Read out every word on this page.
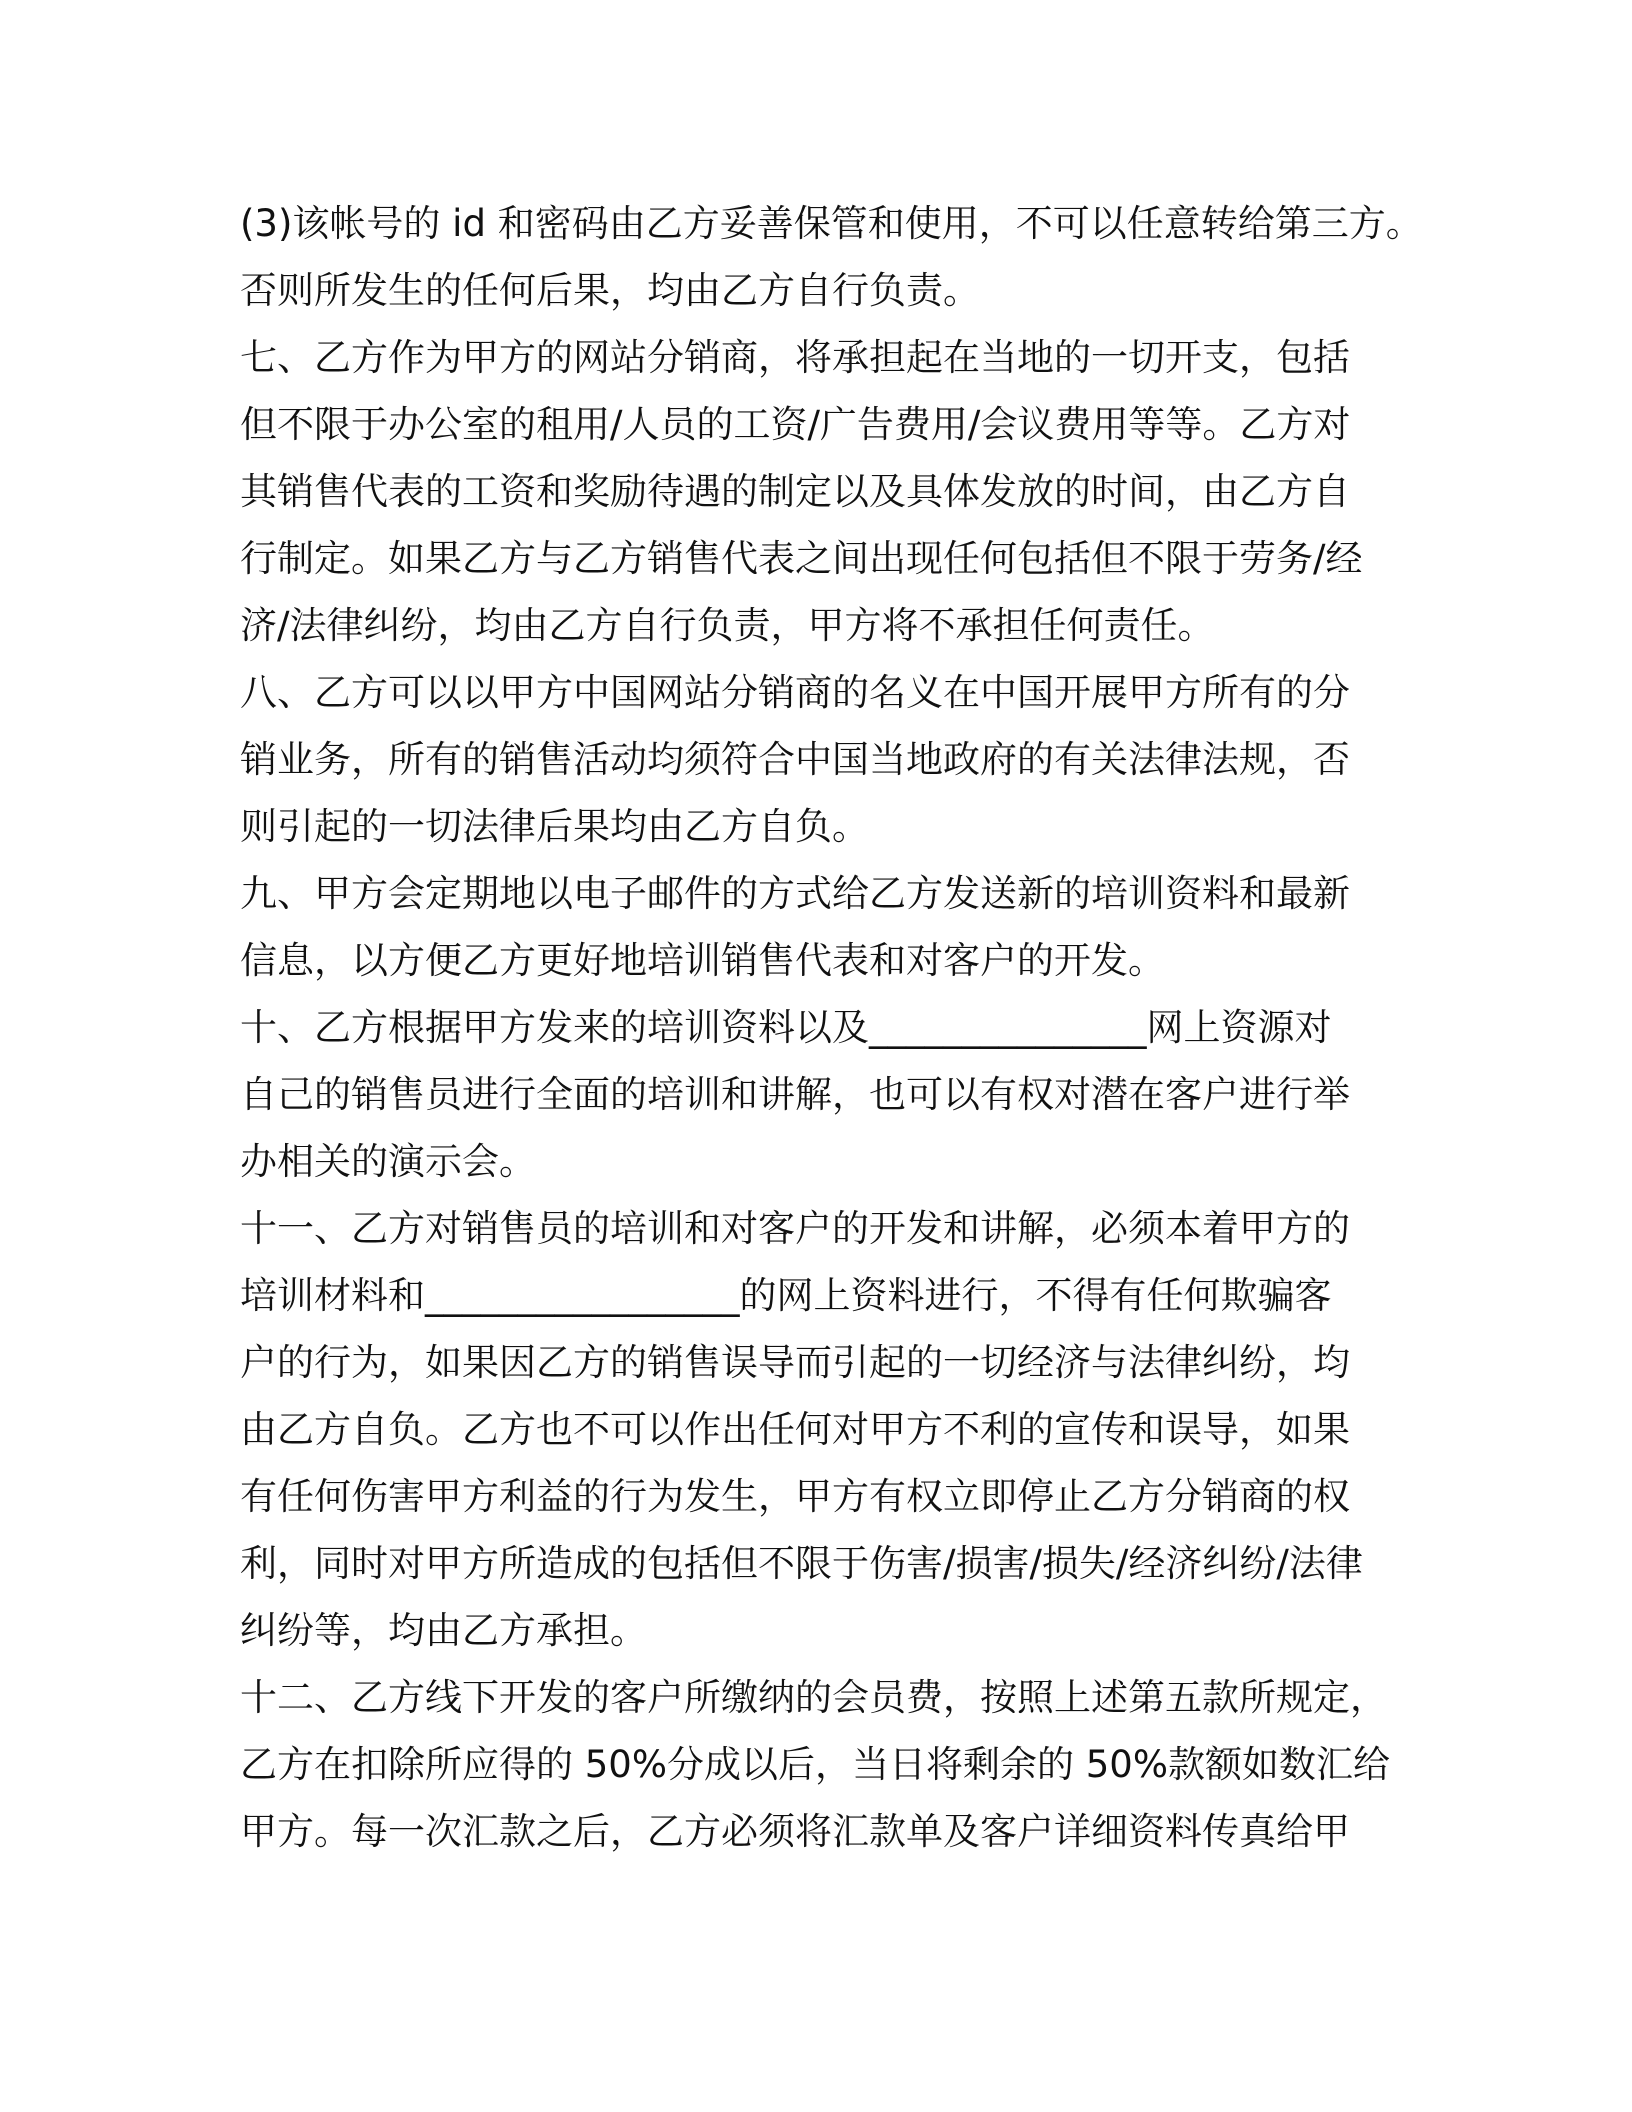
(3)该帐号的 id 和密码由乙方妥善保管和使用，不可以任意转给第三方。
否则所发生的任何后果，均由乙方自行负责。
七、乙方作为甲方的网站分销商，将承担起在当地的一切开支，包括
但不限于办公室的租用/人员的工资/广告费用/会议费用等等。乙方对
其销售代表的工资和奖励待遇的制定以及具体发放的时间，由乙方自
行制定。如果乙方与乙方销售代表之间出现任何包括但不限于劳务/经
济/法律纠纷，均由乙方自行负责，甲方将不承担任何责任。
八、乙方可以以甲方中国网站分销商的名义在中国开展甲方所有的分
销业务，所有的销售活动均须符合中国当地政府的有关法律法规，否
则引起的一切法律后果均由乙方自负。
九、甲方会定期地以电子邮件的方式给乙方发送新的培训资料和最新
信息，以方便乙方更好地培训销售代表和对客户的开发。
十、乙方根据甲方发来的培训资料以及_______________网上资源对
自己的销售员进行全面的培训和讲解，也可以有权对潜在客户进行举
办相关的演示会。
十一、乙方对销售员的培训和对客户的开发和讲解，必须本着甲方的
培训材料和_________________的网上资料进行，不得有任何欺骗客
户的行为，如果因乙方的销售误导而引起的一切经济与法律纠纷，均
由乙方自负。乙方也不可以作出任何对甲方不利的宣传和误导，如果
有任何伤害甲方利益的行为发生，甲方有权立即停止乙方分销商的权
利，同时对甲方所造成的包括但不限于伤害/损害/损失/经济纠纷/法律
纠纷等，均由乙方承担。
十二、乙方线下开发的客户所缴纳的会员费，按照上述第五款所规定，
乙方在扣除所应得的 50%分成以后，当日将剩余的 50%款额如数汇给
甲方。每一次汇款之后，乙方必须将汇款单及客户详细资料传真给甲
